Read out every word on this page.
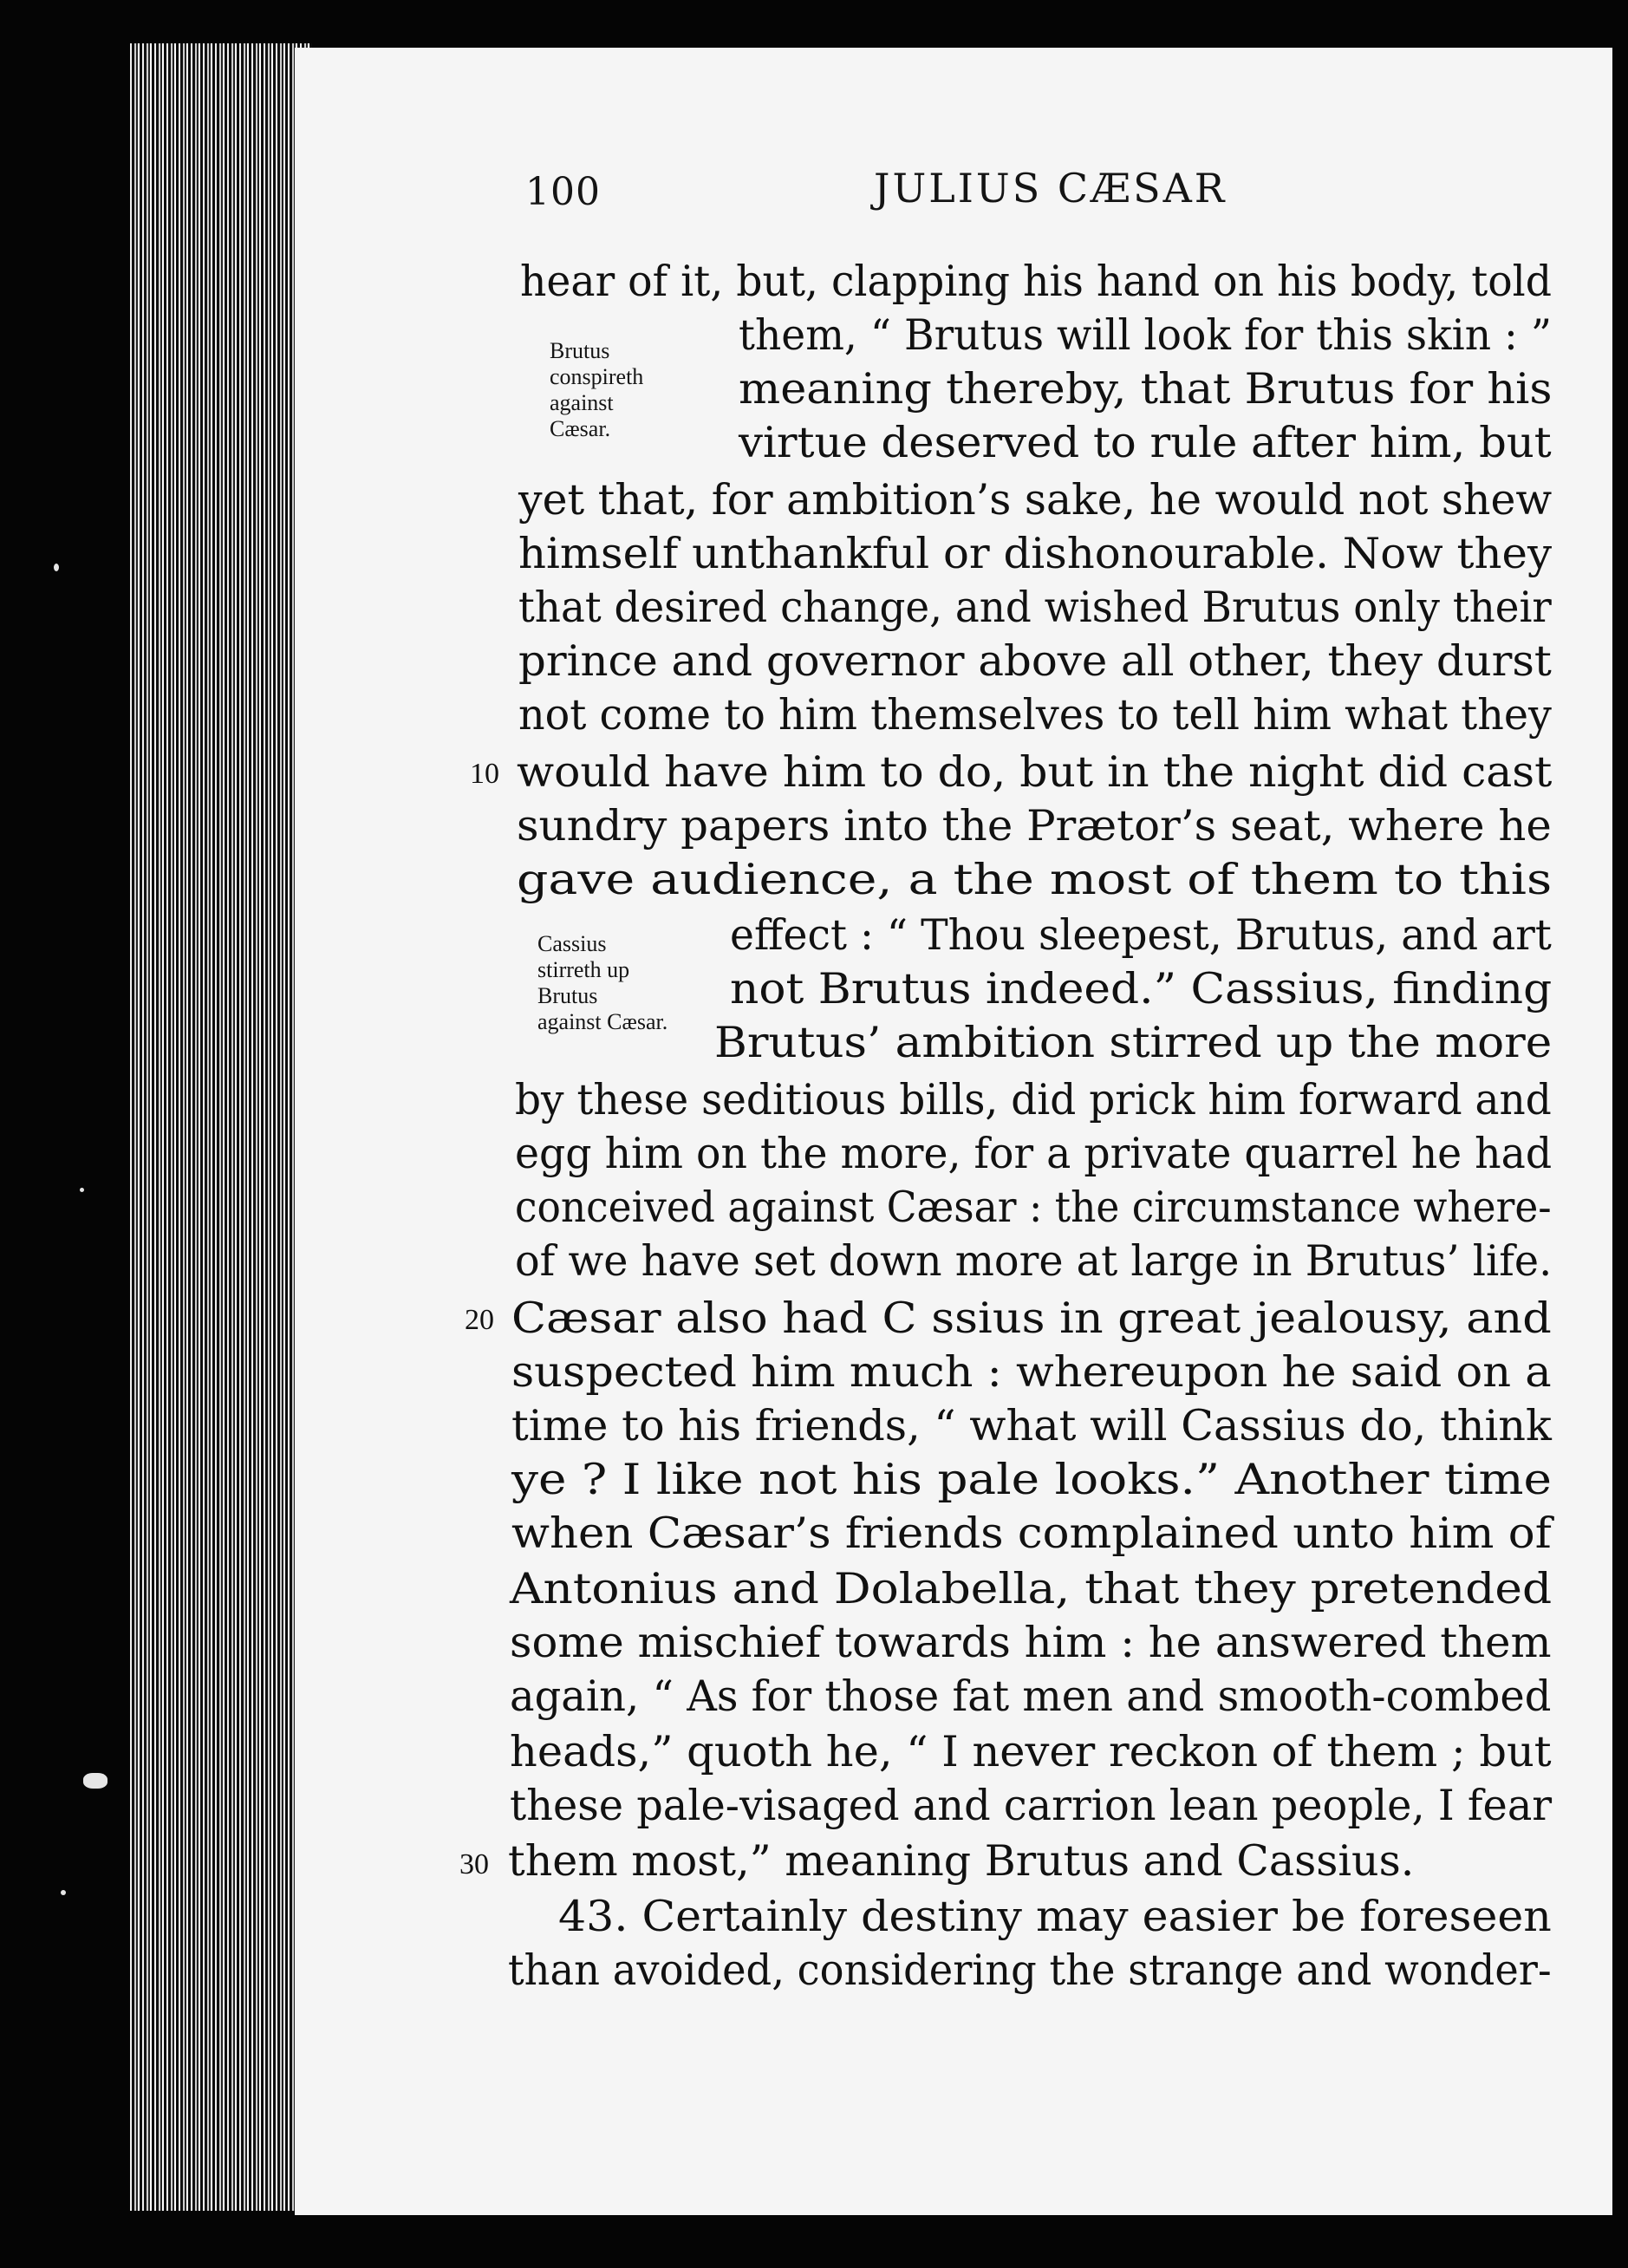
100	JULIUS CÆSAR
hear of it, but, clapping his hand on his body, told
them, “ Brutus will look for this skin : ”
meaning thereby, that Brutus for his
virtue deserved to rule after him, but
yet that, for ambition’s sake, he would not shew
himself unthankful or dishonourable. Now they
that desired change, and wished Brutus only their
prince and governor above all other, they durst
not come to him themselves to tell him what they
would have him to do, but in the night did cast
sundry papers into the Prætor’s seat, where he
gave audience, a the most of them to this
effect : “ Thou sleepest, Brutus, and art
not Brutus indeed.” Cassius, finding
Brutus’ ambition stirred up the more
by these seditious bills, did prick him forward and
egg him on the more, for a private quarrel he had
conceived against Cæsar : the circumstance where-
of we have set down more at large in Brutus’ life.
Cæsar also had C ssius in great jealousy, and
suspected him much : whereupon he said on a
time to his friends, “ what will Cassius do, think
ye ? I like not his pale looks.” Another time
when Cæsar’s friends complained unto him of
Antonius and Dolabella, that they pretended
some mischief towards him : he answered them
again, “ As for those fat men and smooth-combed
heads,” quoth he, “ I never reckon of them ; but
these pale-visaged and carrion lean people, I fear
them most,” meaning Brutus and Cassius.
43. Certainly destiny may easier be foreseen
than avoided, considering the strange and wonder-
Brutus
conspireth
against
Cæsar.
Cassius
stirreth up
Brutus
against Cæsar.
10
20
30
